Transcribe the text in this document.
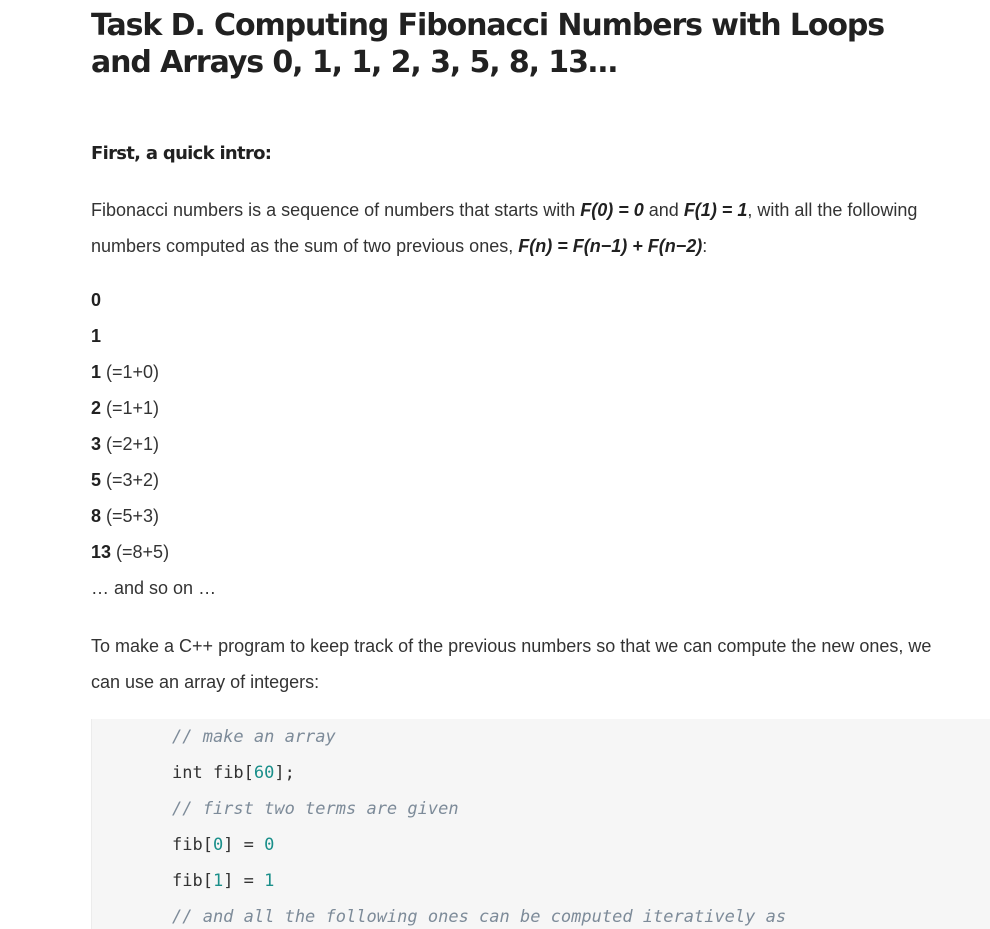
Task D. Computing Fibonacci Numbers with Loops and Arrays 0, 1, 1, 2, 3, 5, 8, 13…

First, a quick intro:

Fibonacci numbers is a sequence of numbers that starts with F(0) = 0 and F(1) = 1, with all the following numbers computed as the sum of two previous ones, F(n) = F(n−1) + F(n−2):

0
1
1 (=1+0)
2 (=1+1)
3 (=2+1)
5 (=3+2)
8 (=5+3)
13 (=8+5)
… and so on …

To make a C++ program to keep track of the previous numbers so that we can compute the new ones, we can use an array of integers:

// make an array
int fib[60];
// first two terms are given
fib[0] = 0
fib[1] = 1
// and all the following ones can be computed iteratively as
